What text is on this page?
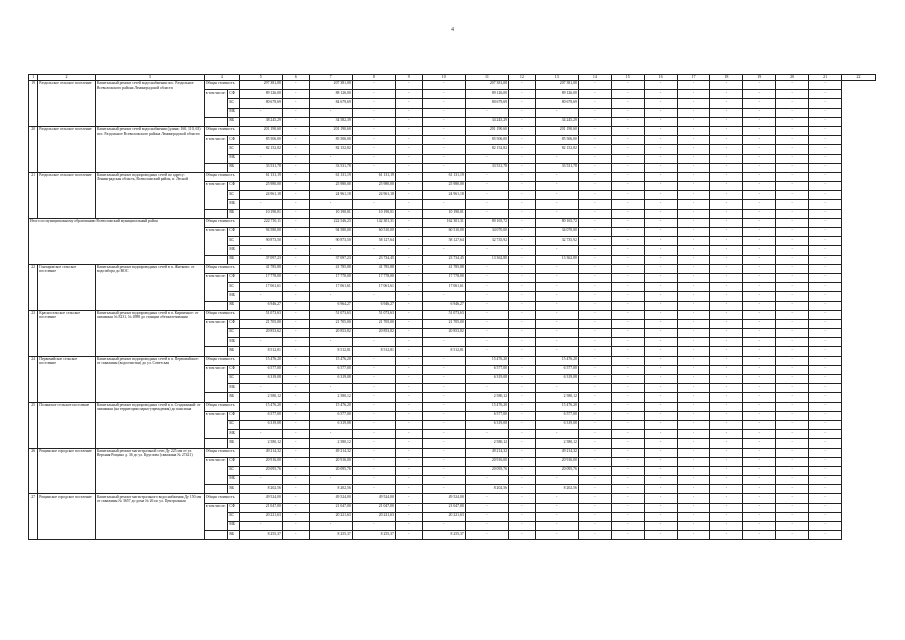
4
1	2	3	4		5	6	7	8	9	10	11	12	13	14	15	16	17	18	19	20	21	22
19	Раздольское сельское поселение	Капитальный ремонт сетей водоснабжения пос. Раздольное Всеволожского района Ленинградской области	Общая стоимость		297 381,08	-	207 381,08	-	-	-	207 381,08	-	207 381,08	-	-	-	-	-	-	-	-	
			в том числе:	СФ	89 126,00	-	88 126,00	-	-	-	89 126,00	-	89 126,00	-	-	-	-	-	-	-	-	
				БС	80 679,69	-	84 679,69	-	-	-	80 679,69	-	80 679,69	-	-	-	-	-	-	-	-	
				МБ	-	-	-	-	-	-	-	-	-	-	-	-	-	-	-	-	-	
				ВБ	38 245,29	-	34 582,39	-	-	-	34 245,29	-	34 245,29	-	-	-	-	-	-	-	-	
20	Раздольское сельское поселение	Капитальный ремонт сетей водоснабжения (длина: 160, 110, 63) пос. Раздольное Всеволожского района Ленинградской области	Общая стоимость		201 190,60	-	201 190,60	-	-	-	201 190,60	-	201 190,60	-	-	-	-	-	-	-	-	
			в том числе:	СФ	85 506,00	-	85 506,00	-	-	-	85 506,00	-	85 506,00	-	-	-	-	-	-	-	-	
				БС	82 152,82	-	82 152,82	-	-	-	82 152,82	-	82 152,82	-	-	-	-	-	-	-	-	
				МБ	-	-	-	-	-	-	-	-	-	-	-	-	-	-	-	-	-	
				ВБ	33 531,78	-	33 531,78	-	-	-	33 531,78	-	33 531,78	-	-	-	-	-	-	-	-	
21	Раздольское сельское поселение	Капитальный ремонт водопроводных сетей по адресу: Ленинградская область, Всеволожский район, п. Лесной	Общая стоимость		61 131,19	-	61 131,19	61 131,19	-	61 131,19	-	-	-	-	-	-	-	-	-	-	-	
			в том числе:	СФ	25 980,00	-	25 980,00	25 980,00	-	25 980,00	-	-	-	-	-	-	-	-	-	-	-	
				БС	24 961,18	-	24 961,18	24 961,18	-	24 961,18	-	-	-	-	-	-	-	-	-	-	-	
				МБ	-	-	-	-	-	-	-	-	-	-	-	-	-	-	-	-	-	
				ВБ	10 190,01	-	10 190,01	10 190,01	-	10 190,01	-	-	-	-	-	-	-	-	-	-	-	
Итого по муниципальному образованию Всеволожский муниципальный район			Общая стоимость		222 710,11	-	222 546,23	142 301,31	-	162 301,31	80 165,72	-	80 165,72	-	-	-	-	-	-	-	-	
			в том числе:	СФ	94 580,00	-	94 580,00	60 510,00	-	60 510,00	34 070,00	-	34 070,00	-	-	-	-	-	-	-	-	
				БС	90 873,50	-	90 873,50	58 127,64	-	58 127,64	32 735,92	-	32 735,92	-	-	-	-	-	-	-	-	
				МБ	-	-	-	-	-	-	-	-	-	-	-	-	-	-	-	-	-	
				ВБ	37 097,23	-	37 097,23	23 734,45	-	23 734,45	13 362,80	-	13 362,80	-	-	-	-	-	-	-	-	
22	Гончаровское сельское поселение	Капитальный ремонт водопроводных сетей в п. Житково: от водозабора до ВОС	Общая стоимость		41 785,88	-	41 785,88	41 785,88	-	41 785,88	-	-	-	-	-	-	-	-	-	-	-	
			в том числе:	СФ	17 778,00	-	17 778,00	17 778,00	-	17 778,00	-	-	-	-	-	-	-	-	-	-	-	
				БС	17 061,61	-	17 061,61	17 061,61	-	17 061,61	-	-	-	-	-	-	-	-	-	-	-	
				МБ	-	-	-	-	-	-	-	-	-	-	-	-	-	-	-	-	-	
				ВБ	6 946,27	-	6 964,27	6 946,27	-	6 946,27	-	-	-	-	-	-	-	-	-	-	-	
23	Красносельское сельское поселение	Капитальный ремонт водопроводных сетей в п. Кирпичное: от скважины № 8231, № 4988 до станции обезжелезивания	Общая стоимость		51 073,63	-	51 073,63	51 073,63	-	51 073,63	-	-	-	-	-	-	-	-	-	-	-	
			в том числе:	СФ	21 705,00	-	21 705,00	21 705,00	-	21 705,00	-	-	-	-	-	-	-	-	-	-	-	
				БС	20 853,62	-	20 853,82	20 853,82	-	20 853,82	-	-	-	-	-	-	-	-	-	-	-	
				МБ	-	-	-	-	-	-	-	-	-	-	-	-	-	-	-	-	-	
				ВБ	8 512,81	-	8 512,81	8 512,81	-	8 512,81	-	-	-	-	-	-	-	-	-	-	-	
24	Первомайское сельское поселение	Капитальный ремонт водопроводных сетей в п. Первомайское: от скважины (водоочистки) до ул. Советская	Общая стоимость		15 476,20	-	15 476,20	-	-	-	15 476,20	-	15 476,20	-	-	-	-	-	-	-	-	
			в том числе:	СФ	6 577,00	-	6 577,00	-	-	-	6 577,00	-	6 577,00	-	-	-	-	-	-	-	-	
				БС	6 319,08	-	6 319,08	-	-	-	6 319,08	-	6 319,08	-	-	-	-	-	-	-	-	
				МБ	-	-	-	-	-	-	-	-	-	-	-	-	-	-	-	-	-	
				ВБ	2 580,12	-	2 580,12	-	-	-	2 580,12	-	2 580,12	-	-	-	-	-	-	-	-	
25	Полянское сельское поселение	Капитальный ремонт водопроводных сетей в п. Стадионный: от скважины (на территории парка-учреждения) до пансиона	Общая стоимость		15 476,20	-	15 476,20	-	-	-	15 476,20	-	15 476,20	-	-	-	-	-	-	-	-	
			в том числе:	СФ	6 577,00	-	6 577,00	-	-	-	6 577,00	-	6 577,00	-	-	-	-	-	-	-	-	
				БС	6 319,08	-	6 319,08	-	-	-	6 319,08	-	6 319,08	-	-	-	-	-	-	-	-	
				МБ	-	-	-	-	-	-	-	-	-	-	-	-	-	-	-	-	-	
				ВБ	2 580,12	-	2 580,12	-	-	-	2 580,12	-	2 580,12	-	-	-	-	-	-	-	-	
26	Рощинское городское поселение	Капитальный ремонт магистральной сети Ду 225 мм от ул. Верхняя Рощино д. 36 до ул. Круглова (скважина № 27421)	Общая стоимость		49 214,32	-	49 214,32	-	-	-	49 214,32	-	49 214,32	-	-	-	-	-	-	-	-	
			в том числе:	СФ	20 916,00	-	20 916,00	-	-	-	20 916,00	-	20 916,00	-	-	-	-	-	-	-	-	
				БС	20 095,76	-	20 095,76	-	-	-	20 095,76	-	20 095,76	-	-	-	-	-	-	-	-	
				МБ	-	-	-	-	-	-	-	-	-	-	-	-	-	-	-	-	-	
				ВБ	8 202,56	-	8 202,56	-	-	-	8 202,56	-	8 202,56	-	-	-	-	-	-	-	-	
27	Рощинское городское поселение	Капитальный ремонт магистрального водоснабжения Ду 150 мм от скважины № 3657 до дома № 26 по ул. Центральная	Общая стоимость		49 524,00	-	49 524,00	49 524,00	-	49 524,00	-	-	-	-	-	-	-	-	-	-	-	
			в том числе:	СФ	21 047,00	-	21 047,00	21 047,00	-	21 047,00	-	-	-	-	-	-	-	-	-	-	-	
				БС	20 221,63	-	20 221,63	20 221,63	-	20 221,63	-	-	-	-	-	-	-	-	-	-	-	
				МБ	-	-	-	-	-	-	-	-	-	-	-	-	-	-	-	-	-	
				ВБ	8 255,37	-	8 255,37	8 255,37	-	8 255,37	-	-	-	-	-	-	-	-	-	-	-	
